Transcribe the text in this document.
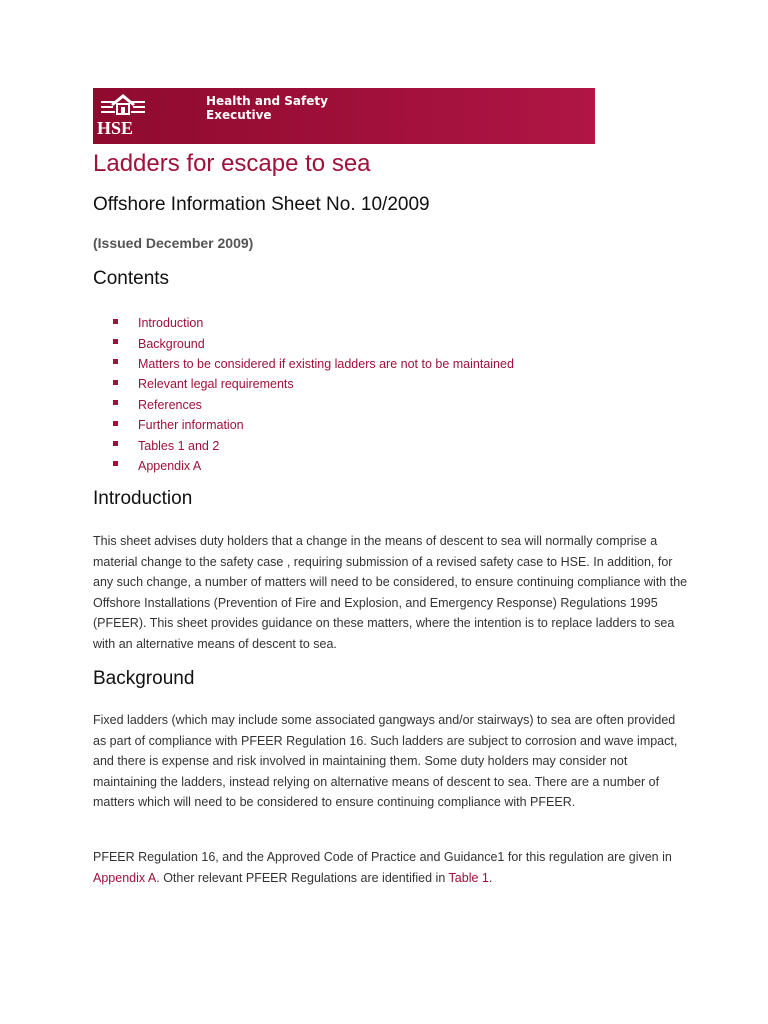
HSE
Health and Safety
Executive
Ladders for escape to sea
Offshore Information Sheet No. 10/2009

(Issued December 2009)

Contents
Introduction
Background
Matters to be considered if existing ladders are not to be maintained
Relevant legal requirements
References
Further information
Tables 1 and 2
Appendix A
Introduction

This sheet advises duty holders that a change in the means of descent to sea will normally comprise a material change to the safety case , requiring submission of a revised safety case to HSE. In addition, for any such change, a number of matters will need to be considered, to ensure continuing compliance with the Offshore Installations (Prevention of Fire and Explosion, and Emergency Response) Regulations 1995 (PFEER). This sheet provides guidance on these matters, where the intention is to replace ladders to sea with an alternative means of descent to sea.

Background

Fixed ladders (which may include some associated gangways and/or stairways) to sea are often provided as part of compliance with PFEER Regulation 16. Such ladders are subject to corrosion and wave impact, and there is expense and risk involved in maintaining them. Some duty holders may consider not maintaining the ladders, instead relying on alternative means of descent to sea. There are a number of matters which will need to be considered to ensure continuing compliance with PFEER.

PFEER Regulation 16, and the Approved Code of Practice and Guidance1 for this regulation are given in Appendix A. Other relevant PFEER Regulations are identified in Table 1.
